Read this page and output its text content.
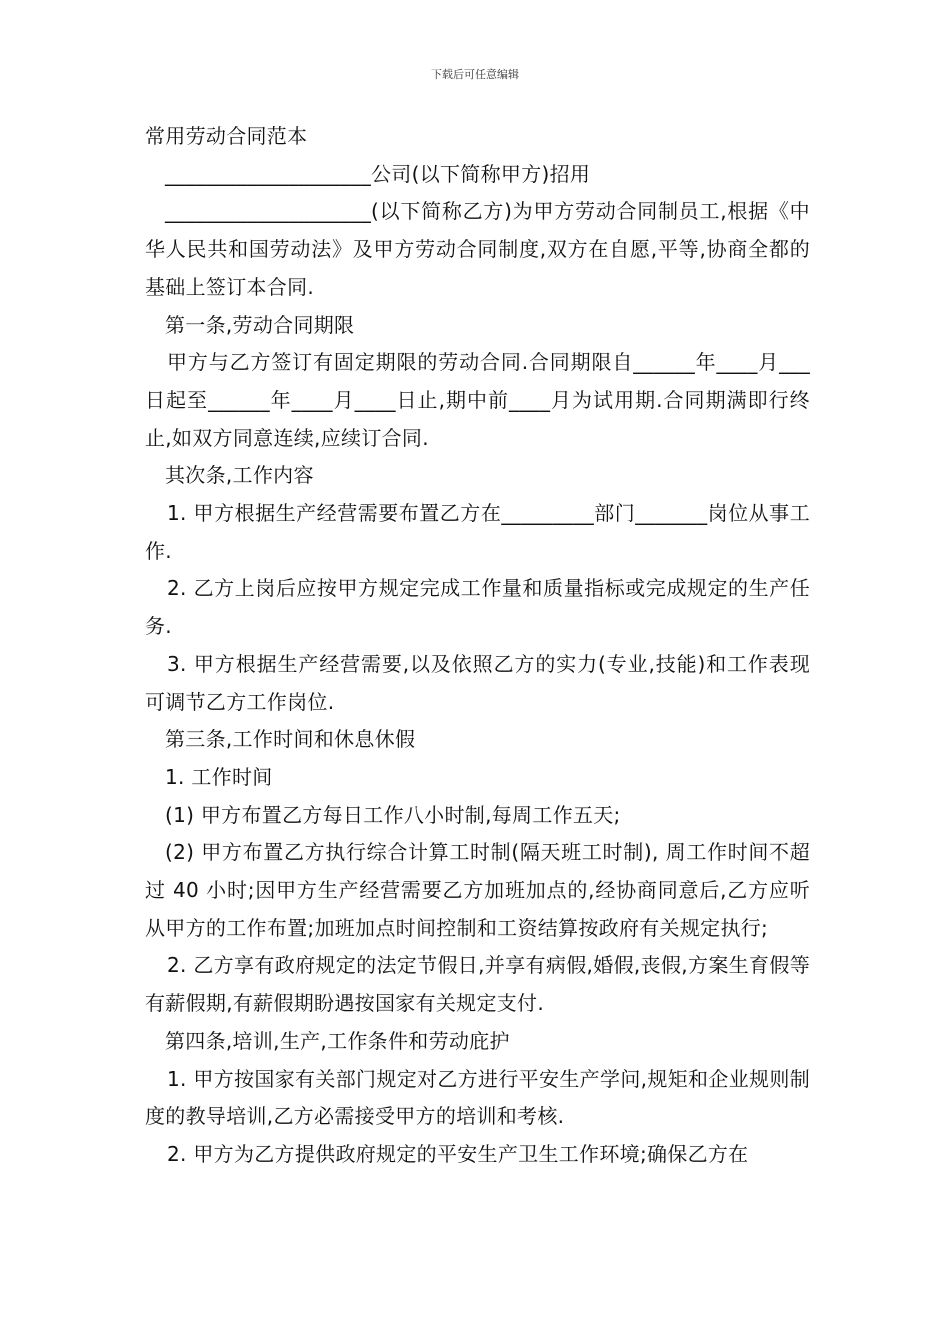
下载后可任意编辑

常用劳动合同范本

____________________公司(以下简称甲方)招用

____________________(以下简称乙方)为甲方劳动合同制员工,根据《中华人民共和国劳动法》及甲方劳动合同制度,双方在自愿,平等,协商全都的基础上签订本合同.

第一条,劳动合同期限

甲方与乙方签订有固定期限的劳动合同.合同期限自______年____月___日起至______年____月____日止,期中前____月为试用期.合同期满即行终止,如双方同意连续,应续订合同.

其次条,工作内容

1. 甲方根据生产经营需要布置乙方在_________部门_______岗位从事工作.

2. 乙方上岗后应按甲方规定完成工作量和质量指标或完成规定的生产任务.

3. 甲方根据生产经营需要,以及依照乙方的实力(专业,技能)和工作表现可调节乙方工作岗位.

第三条,工作时间和休息休假

1. 工作时间

(1) 甲方布置乙方每日工作八小时制,每周工作五天;

(2) 甲方布置乙方执行综合计算工时制(隔天班工时制), 周工作时间不超过 40 小时;因甲方生产经营需要乙方加班加点的,经协商同意后,乙方应听从甲方的工作布置;加班加点时间控制和工资结算按政府有关规定执行;

2. 乙方享有政府规定的法定节假日,并享有病假,婚假,丧假,方案生育假等有薪假期,有薪假期盼遇按国家有关规定支付.

第四条,培训,生产,工作条件和劳动庇护

1. 甲方按国家有关部门规定对乙方进行平安生产学问,规矩和企业规则制度的教导培训,乙方必需接受甲方的培训和考核.

2. 甲方为乙方提供政府规定的平安生产卫生工作环境;确保乙方在
